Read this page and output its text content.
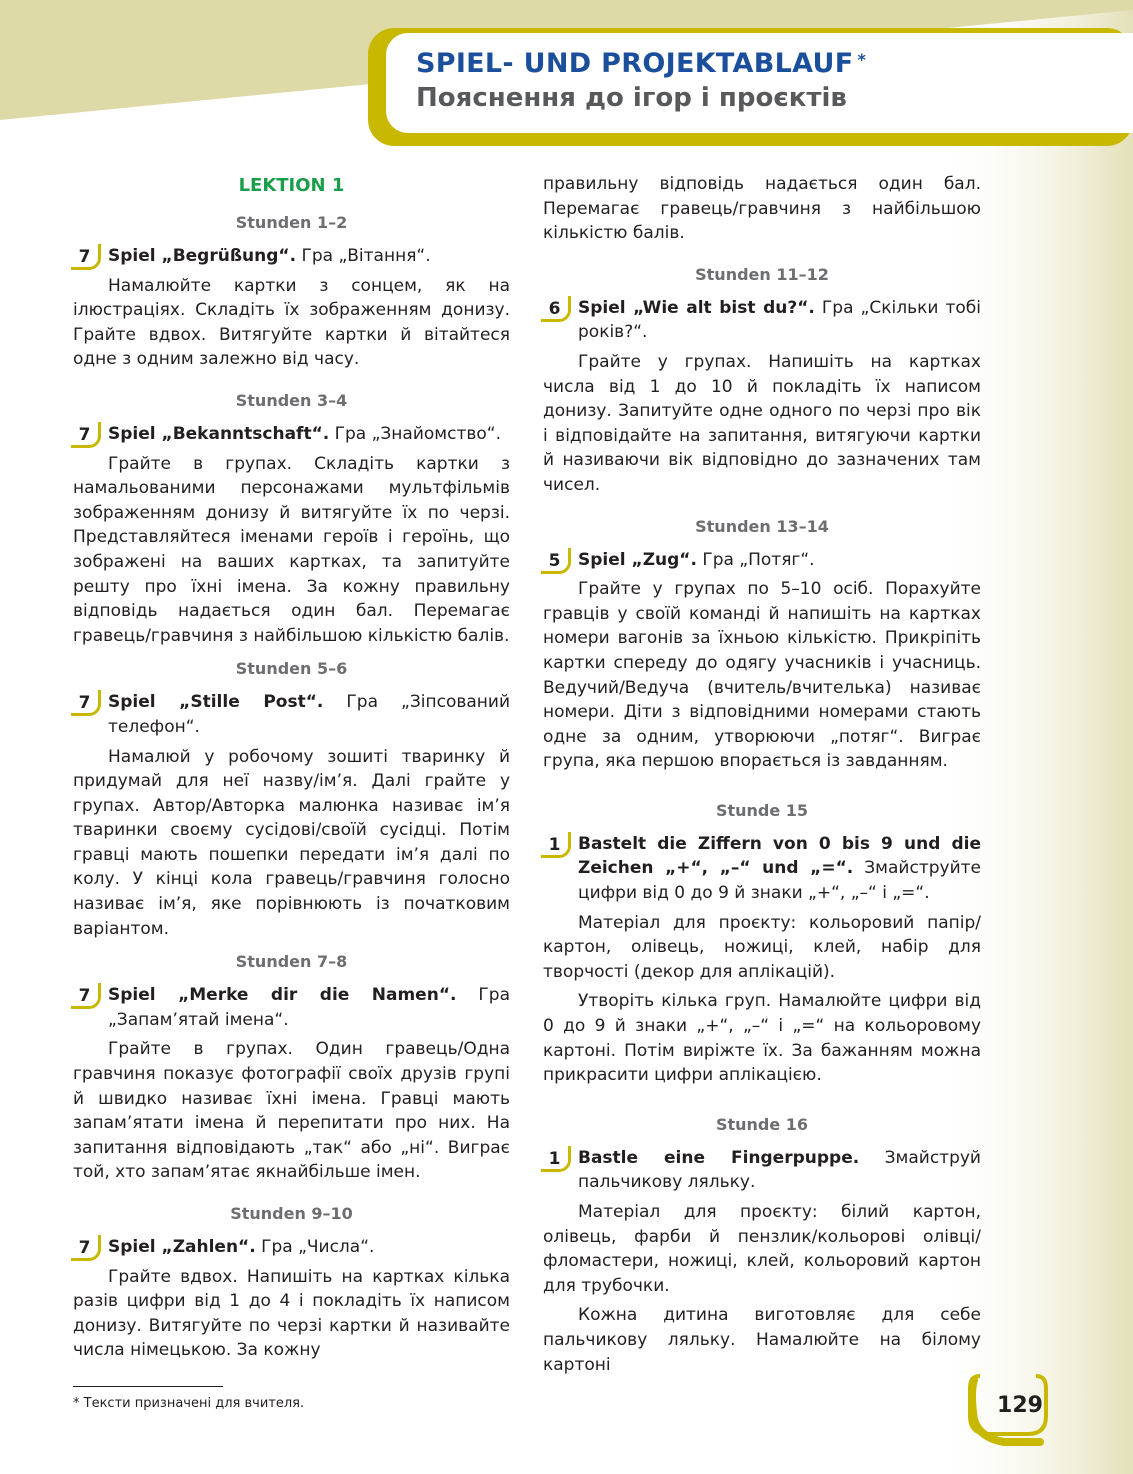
SPIEL- UND PROJEKTABLAUF *
Пояснення до ігор і проєктів
LEKTION 1
Stunden 1–2
7	Spiel „Begrüßung“. Гра „Вітання“.

Намалюйте картки з сонцем, як на ілюстраціях. Складіть їх зображенням донизу. Грайте вдвох. Витягуйте картки й вітайтеся одне з одним залежно від часу.

Stunden 3–4
7	Spiel „Bekanntschaft“. Гра „Знайомство“.

Грайте в групах. Складіть картки з намальованими персонажами мультфільмів зображенням донизу й витягуйте їх по черзі. Представляйтеся іменами героїв і героїнь, що зображені на ваших картках, та запитуйте решту про їхні імена. За кожну правильну відповідь надається один бал. Перемагає гравець/гравчиня з найбільшою кількістю балів.

Stunden 5–6
7	Spiel „Stille Post“. Гра „Зіпсований телефон“.

Намалюй у робочому зошиті тваринку й придумай для неї назву/ім’я. Далі грайте у групах. Автор/Авторка малюнка називає ім’я тваринки своєму сусідові/своїй сусідці. Потім гравці мають пошепки передати ім’я далі по колу. У кінці кола гравець/гравчиня голосно називає ім’я, яке порівнюють із початковим варіантом.

Stunden 7–8
7	Spiel „Merke dir die Namen“. Гра „Запам’ятай імена“.

Грайте в групах. Один гравець/Одна гравчиня показує фотографії своїх друзів групі й швидко називає їхні імена. Гравці мають запам’ятати імена й перепитати про них. На запитання відповідають „так“ або „ні“. Виграє той, хто запам’ятає якнайбільше імен.

Stunden 9–10
7	Spiel „Zahlen“. Гра „Числа“.

Грайте вдвох. Напишіть на картках кілька разів цифри від 1 до 4 і покладіть їх написом донизу. Витягуйте по черзі картки й називайте числа німецькою. За кожну

правильну відповідь надається один бал. Перемагає гравець/гравчиня з найбільшою кількістю балів.

Stunden 11–12
6	Spiel „Wie alt bist du?“. Гра „Скільки тобі років?“.

Грайте у групах. Напишіть на картках числа від 1 до 10 й покладіть їх написом донизу. Запитуйте одне одного по черзі про вік і відповідайте на запитання, витягуючи картки й називаючи вік відповідно до зазначених там чисел.

Stunden 13–14
5	Spiel „Zug“. Гра „Потяг“.

Грайте у групах по 5–10 осіб. Порахуйте гравців у своїй команді й напишіть на картках номери вагонів за їхньою кількістю. Прикріпіть картки спереду до одягу учасників і учасниць. Ведучий/Ведуча (вчитель/вчителька) називає номери. Діти з відповідними номерами стають одне за одним, утворюючи „потяг“. Виграє група, яка першою впорається із завданням.

Stunde 15
1	Bastelt die Ziffern von 0 bis 9 und die Zeichen „+“, „–“ und „=“. Змайструйте цифри від 0 до 9 й знаки „+“, „–“ і „=“.

Матеріал для проєкту: кольоровий папір/картон, олівець, ножиці, клей, набір для творчості (декор для аплікацій).

Утворіть кілька груп. Намалюйте цифри від 0 до 9 й знаки „+“, „–“ і „=“ на кольоровому картоні. Потім виріжте їх. За бажанням можна прикрасити цифри аплікацією.

Stunde 16
1	Bastle eine Fingerpuppe. Змайструй пальчикову ляльку.

Матеріал для проєкту: білий картон, олівець, фарби й пензлик/кольорові олівці/фломастери, ножиці, клей, кольоровий картон для трубочки.

Кожна дитина виготовляє для себе пальчикову ляльку. Намалюйте на білому картоні

* Тексти призначені для вчителя.	129
